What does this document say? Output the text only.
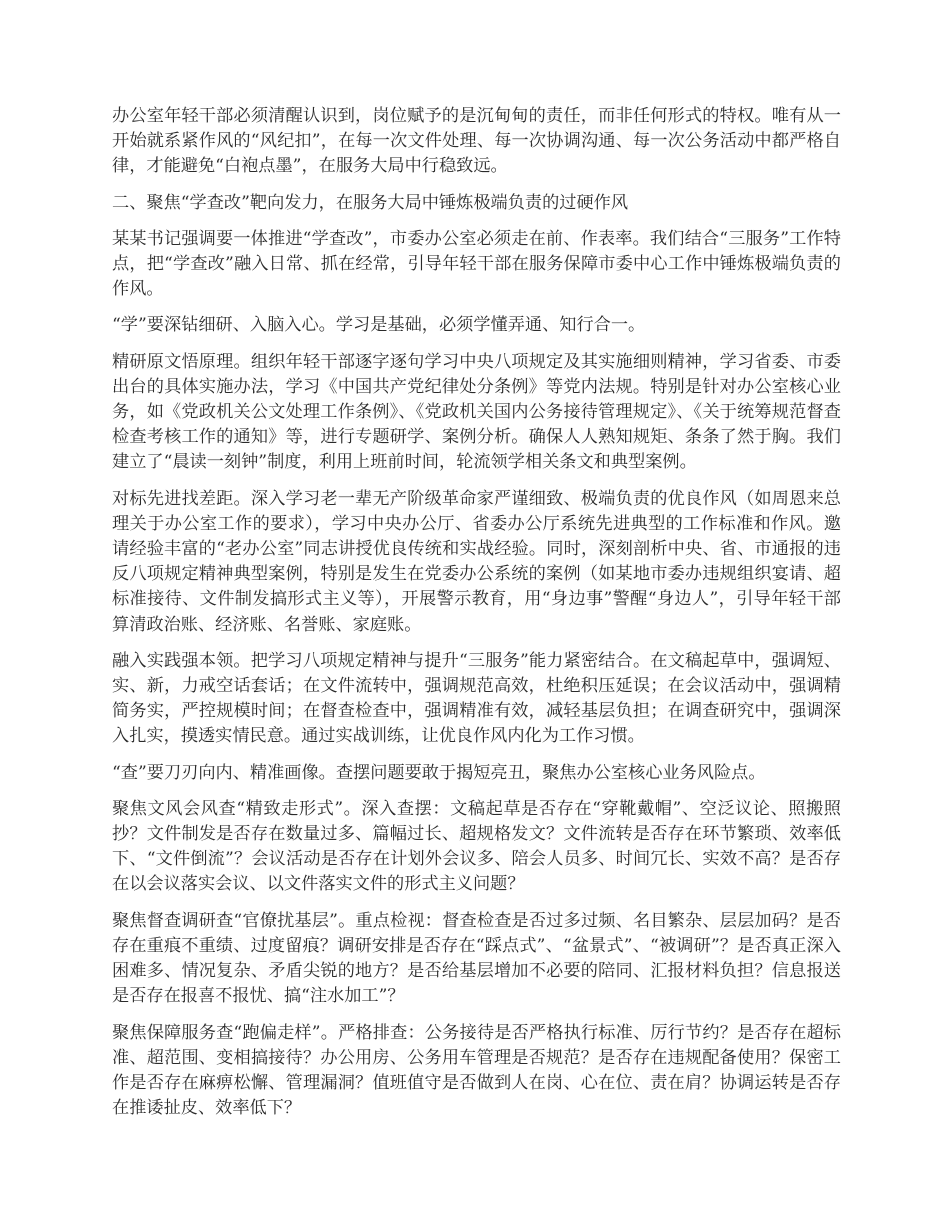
办公室年轻干部必须清醒认识到，岗位赋予的是沉甸甸的责任，而非任何形式的特权。唯有从一开始就系紧作风的“风纪扣”，在每一次文件处理、每一次协调沟通、每一次公务活动中都严格自律，才能避免“白袍点墨”，在服务大局中行稳致远。

二、聚焦“学查改”靶向发力，在服务大局中锤炼极端负责的过硬作风

某某书记强调要一体推进“学查改”，市委办公室必须走在前、作表率。我们结合“三服务”工作特点，把“学查改”融入日常、抓在经常，引导年轻干部在服务保障市委中心工作中锤炼极端负责的作风。

“学”要深钻细研、入脑入心。学习是基础，必须学懂弄通、知行合一。

精研原文悟原理。组织年轻干部逐字逐句学习中央八项规定及其实施细则精神，学习省委、市委出台的具体实施办法，学习《中国共产党纪律处分条例》等党内法规。特别是针对办公室核心业务，如《党政机关公文处理工作条例》、《党政机关国内公务接待管理规定》、《关于统筹规范督查检查考核工作的通知》等，进行专题研学、案例分析。确保人人熟知规矩、条条了然于胸。我们建立了“晨读一刻钟”制度，利用上班前时间，轮流领学相关条文和典型案例。

对标先进找差距。深入学习老一辈无产阶级革命家严谨细致、极端负责的优良作风（如周恩来总理关于办公室工作的要求），学习中央办公厅、省委办公厅系统先进典型的工作标准和作风。邀请经验丰富的“老办公室”同志讲授优良传统和实战经验。同时，深刻剖析中央、省、市通报的违反八项规定精神典型案例，特别是发生在党委办公系统的案例（如某地市委办违规组织宴请、超标准接待、文件制发搞形式主义等），开展警示教育，用“身边事”警醒“身边人”，引导年轻干部算清政治账、经济账、名誉账、家庭账。

融入实践强本领。把学习八项规定精神与提升“三服务”能力紧密结合。在文稿起草中，强调短、实、新，力戒空话套话；在文件流转中，强调规范高效，杜绝积压延误；在会议活动中，强调精简务实，严控规模时间；在督查检查中，强调精准有效，减轻基层负担；在调查研究中，强调深入扎实，摸透实情民意。通过实战训练，让优良作风内化为工作习惯。

“查”要刀刃向内、精准画像。查摆问题要敢于揭短亮丑，聚焦办公室核心业务风险点。

聚焦文风会风查“精致走形式”。深入查摆：文稿起草是否存在“穿靴戴帽”、空泛议论、照搬照抄？文件制发是否存在数量过多、篇幅过长、超规格发文？文件流转是否存在环节繁琐、效率低下、“文件倒流”？会议活动是否存在计划外会议多、陪会人员多、时间冗长、实效不高？是否存在以会议落实会议、以文件落实文件的形式主义问题？

聚焦督查调研查“官僚扰基层”。重点检视：督查检查是否过多过频、名目繁杂、层层加码？是否存在重痕不重绩、过度留痕？调研安排是否存在“踩点式”、“盆景式”、“被调研”？是否真正深入困难多、情况复杂、矛盾尖锐的地方？是否给基层增加不必要的陪同、汇报材料负担？信息报送是否存在报喜不报忧、搞“注水加工”？

聚焦保障服务查“跑偏走样”。严格排查：公务接待是否严格执行标准、厉行节约？是否存在超标准、超范围、变相搞接待？办公用房、公务用车管理是否规范？是否存在违规配备使用？保密工作是否存在麻痹松懈、管理漏洞？值班值守是否做到人在岗、心在位、责在肩？协调运转是否存在推诿扯皮、效率低下？
